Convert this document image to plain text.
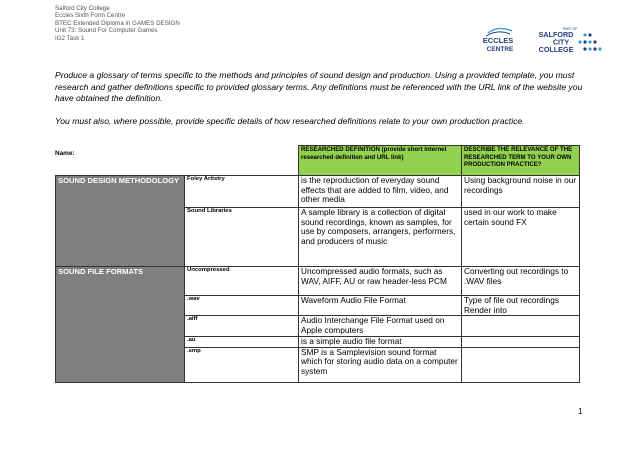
Salford City College
Eccles Sixth Form Centre
BTEC Extended Diploma in GAMES DESIGN
Unit 73: Sound For Computer Games
IG2 Task 1	ECCLES
CENTRE
PART OF
SALFORD
CITY
COLLEGE

Produce a glossary of terms specific to the methods and principles of sound design and production. Using a provided template, you must research and gather definitions specific to provided glossary terms. Any definitions must be referenced with the URL link of the website you have obtained the definition.

You must also, where possible, provide specific details of how researched definitions relate to your own production practice.

Name:
		RESEARCHED DEFINITION (provide short internet researched definition and URL link)	DESCRIBE THE RELEVANCE OF THE RESEARCHED TERM TO YOUR OWN PRODUCTION PRACTICE?
SOUND DESIGN METHODOLOGY	Foley Artistry	is the reproduction of everyday sound effects that are added to film, video, and other media	Using background noise in our recordings
	Sound Libraries	A sample library is a collection of digital sound recordings, known as samples, for use by composers, arrangers, performers, and producers of music	used in our work to make certain sound FX
SOUND FILE FORMATS	Uncompressed	Uncompressed audio formats, such as WAV, AIFF, AU or raw header-less PCM	Converting out recordings to .WAV files
	.wav	Waveform Audio File Format	Type of file out recordings Render into
	.aiff	Audio Interchange File Format used on Apple computers	
	.au	is a simple audio file format	
	.smp	SMP is a Samplevision sound format which for storing audio data on a computer system	
1
